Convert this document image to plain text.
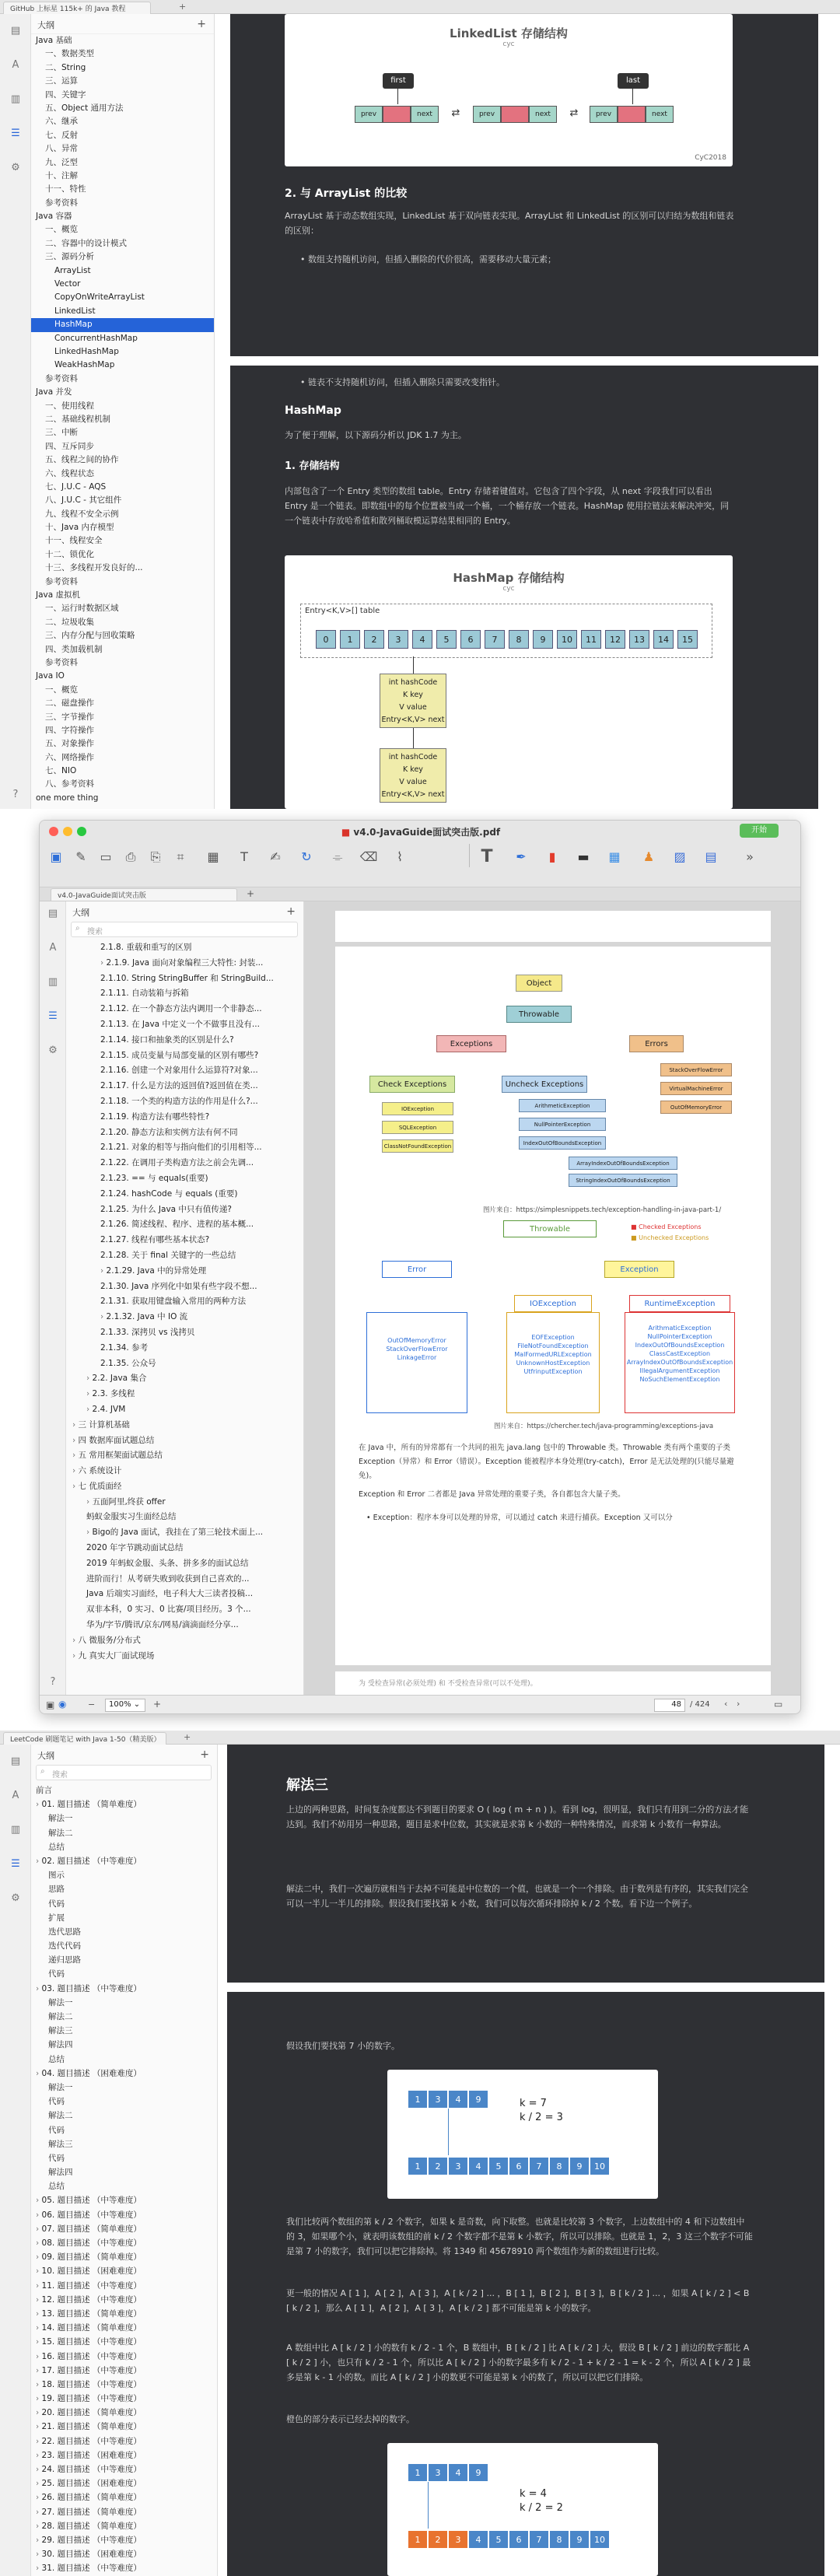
GitHub 上标星 115k+ 的 Java 教程	+
▤
A
▥
☰
⚙
?
大纲	+
Java 基础
一、数据类型
二、String
三、运算
四、关键字
五、Object 通用方法
六、继承
七、反射
八、异常
九、泛型
十、注解
十一、特性
参考资料
Java 容器
一、概览
二、容器中的设计模式
三、源码分析
ArrayList
Vector
CopyOnWriteArrayList
LinkedList
HashMap
ConcurrentHashMap
LinkedHashMap
WeakHashMap
参考资料
Java 并发
一、使用线程
二、基础线程机制
三、中断
四、互斥同步
五、线程之间的协作
六、线程状态
七、J.U.C - AQS
八、J.U.C - 其它组件
九、线程不安全示例
十、Java 内存模型
十一、线程安全
十二、锁优化
十三、多线程开发良好的...
参考资料
Java 虚拟机
一、运行时数据区域
二、垃圾收集
三、内存分配与回收策略
四、类加载机制
参考资料
Java IO
一、概览
二、磁盘操作
三、字节操作
四、字符操作
五、对象操作
六、网络操作
七、NIO
八、参考资料
one more thing
LinkedList 存储结构
cyc
first	last
prev	next	⇄	prev	next	⇄	prev	next
CyC2018
2. 与 ArrayList 的比较
ArrayList 基于动态数组实现，LinkedList 基于双向链表实现。ArrayList 和 LinkedList 的区别可以归结为数组和链表的区别：
• 数组支持随机访问，但插入删除的代价很高，需要移动大量元素；
• 链表不支持随机访问，但插入删除只需要改变指针。
HashMap
为了便于理解，以下源码分析以 JDK 1.7 为主。
1. 存储结构
内部包含了一个 Entry 类型的数组 table。Entry 存储着键值对。它包含了四个字段，从 next 字段我们可以看出 Entry 是一个链表。即数组中的每个位置被当成一个桶，一个桶存放一个链表。HashMap 使用拉链法来解决冲突，同一个链表中存放哈希值和散列桶取模运算结果相同的 Entry。
HashMap 存储结构
cyc
Entry<K,V>[] table
0	1	2	3	4	5	6	7	8	9	10	11	12	13	14	15
int hashCode
K key
V value
Entry<K,V> next
int hashCode
K key
V value
Entry<K,V> next
■ v4.0-JavaGuide面试突击版.pdf	开始
▣	✎	▭	⎙	⎘	⌗	▦	T	✍	↻	⌯	⌫	⌇	T	✒	▮	▬	▦	♟	▨	▤	»
v4.0-JavaGuide面试突击版	+
▤
A
▥
☰
⚙
?
大纲	+
搜索
⌕
2.1.8. 重载和重写的区别
› 2.1.9. Java 面向对象编程三大特性: 封装...
2.1.10. String StringBuffer 和 StringBuild...
2.1.11. 自动装箱与拆箱
2.1.12. 在一个静态方法内调用一个非静态...
2.1.13. 在 Java 中定义一个不做事且没有...
2.1.14. 接口和抽象类的区别是什么?
2.1.15. 成员变量与局部变量的区别有哪些?
2.1.16. 创建一个对象用什么运算符?对象...
2.1.17. 什么是方法的返回值?返回值在类...
2.1.18. 一个类的构造方法的作用是什么?...
2.1.19. 构造方法有哪些特性?
2.1.20. 静态方法和实例方法有何不同
2.1.21. 对象的相等与指向他们的引用相等...
2.1.22. 在调用子类构造方法之前会先调...
2.1.23. == 与 equals(重要)
2.1.24. hashCode 与 equals (重要)
2.1.25. 为什么 Java 中只有值传递?
2.1.26. 简述线程、程序、进程的基本概...
2.1.27. 线程有哪些基本状态?
2.1.28. 关于 final 关键字的一些总结
› 2.1.29. Java 中的异常处理
2.1.30. Java 序列化中如果有些字段不想...
2.1.31. 获取用键盘输入常用的两种方法
› 2.1.32. Java 中 IO 流
2.1.33. 深拷贝 vs 浅拷贝
2.1.34. 参考
2.1.35. 公众号
› 2.2. Java 集合
› 2.3. 多线程
› 2.4. JVM
› 三 计算机基础
› 四 数据库面试题总结
› 五 常用框架面试题总结
› 六 系统设计
› 七 优质面经
› 五面阿里,终获 offer
蚂蚁金服实习生面经总结
› Bigo的 Java 面试，我挂在了第三轮技术面上...
2020 年字节跳动面试总结
2019 年蚂蚁金服、头条、拼多多的面试总结
进阶而行！从考研失败到收获到自己喜欢的...
Java 后端实习面经，电子科大大三读者投稿...
双非本科，0 实习、0 比赛/项目经历。3 个...
华为/字节/腾讯/京东/网易/滴滴面经分享...
› 八 微服务/分布式
› 九 真实大厂面试现场
Object
Throwable
Exceptions	Errors
Check Exceptions	Uncheck Exceptions
IOException
SQLException
ClassNotFoundException
ArithmeticException
NullPointerException
IndexOutOfBoundsException
ArrayIndexOutOfBoundsException
StringIndexOutOfBoundsException
StackOverFlowError
VirtualMachineError
OutOfMemoryError
图片来自：https://simplesnippets.tech/exception-handling-in-java-part-1/
Throwable	■ Checked Exceptions
■ Unchecked Exceptions
Error	Exception
IOException	RuntimeException
OutOfMemoryError
StackOverFlowError
LinkageError
EOFException
FileNotFoundException
MalFormedURLException
UnknownHostException
UtfrinputException
ArithmaticException
NullPointerException
IndexOutOfBoundsException
ClassCastException
ArrayIndexOutOfBoundsException
IllegalArgumentException
NoSuchElementException
图片来自：https://chercher.tech/java-programming/exceptions-java
在 Java 中，所有的异常都有一个共同的祖先 java.lang 包中的 Throwable 类。Throwable 类有两个重要的子类 Exception（异常）和 Error（错误）。Exception 能被程序本身处理(try-catch)，Error 是无法处理的(只能尽量避免)。
Exception 和 Error 二者都是 Java 异常处理的重要子类，各自都包含大量子类。
• Exception：程序本身可以处理的异常，可以通过 catch 来进行捕获。Exception 又可以分
为 受检查异常(必须处理) 和 不受检查异常(可以不处理)。
▣ ◉	−	100% ⌄	+	48	/ 424 ‹ ›	▭
LeetCode 刷题笔记 with Java 1-50（精美版）	+
▤
A
▥
☰
⚙
大纲	+
搜索
⌕
前言
› 01. 题目描述 （简单难度）
解法一
解法二
总结
› 02. 题目描述 （中等难度）
图示
思路
代码
扩展
迭代思路
迭代代码
递归思路
代码
› 03. 题目描述 （中等难度）
解法一
解法二
解法三
解法四
总结
› 04. 题目描述 （困难难度）
解法一
代码
解法二
代码
解法三
代码
解法四
总结
› 05. 题目描述 （中等难度）
› 06. 题目描述 （中等难度）
› 07. 题目描述 （简单难度）
› 08. 题目描述 （中等难度）
› 09. 题目描述 （简单难度）
› 10. 题目描述 （困难难度）
› 11. 题目描述 （中等难度）
› 12. 题目描述 （中等难度）
› 13. 题目描述 （简单难度）
› 14. 题目描述 （简单难度）
› 15. 题目描述 （中等难度）
› 16. 题目描述 （中等难度）
› 17. 题目描述 （中等难度）
› 18. 题目描述 （中等难度）
› 19. 题目描述 （中等难度）
› 20. 题目描述 （简单难度）
› 21. 题目描述 （简单难度）
› 22. 题目描述 （中等难度）
› 23. 题目描述 （困难难度）
› 24. 题目描述 （中等难度）
› 25. 题目描述 （困难难度）
› 26. 题目描述 （简单难度）
› 27. 题目描述 （简单难度）
› 28. 题目描述 （简单难度）
› 29. 题目描述 （中等难度）
› 30. 题目描述 （困难难度）
› 31. 题目描述 （中等难度）
解法三
上边的两种思路，时间复杂度都达不到题目的要求 O ( log ( m + n ) )。看到 log，很明显，我们只有用到二分的方法才能达到。我们不妨用另一种思路，题目是求中位数，其实就是求第 k 小数的一种特殊情况，而求第 k 小数有一种算法。
解法二中，我们一次遍历就相当于去掉不可能是中位数的一个值，也就是一个一个排除。由于数列是有序的，其实我们完全可以一半儿一半儿的排除。假设我们要找第 k 小数，我们可以每次循环排除掉 k / 2 个数。看下边一个例子。
假设我们要找第 7 小的数字。
1	3	4	9
1	2	3	4	5	6	7	8	9	10
k = 7
k / 2 = 3
我们比较两个数组的第 k / 2 个数字，如果 k 是奇数，向下取整。也就是比较第 3 个数字，上边数组中的 4 和下边数组中的 3，如果哪个小，就表明该数组的前 k / 2 个数字都不是第 k 小数字，所以可以排除。也就是 1，2，3 这三个数字不可能是第 7 小的数字，我们可以把它排除掉。将 1349 和 45678910 两个数组作为新的数组进行比较。
更一般的情况 A [ 1 ]，A [ 2 ]，A [ 3 ]，A [ k / 2 ] ... ，B [ 1 ]，B [ 2 ]，B [ 3 ]，B [ k / 2 ] ... ，如果 A [ k / 2 ] < B [ k / 2 ]，那么 A [ 1 ]，A [ 2 ]，A [ 3 ]，A [ k / 2 ] 都不可能是第 k 小的数字。
A 数组中比 A [ k / 2 ] 小的数有 k / 2 - 1 个，B 数组中，B [ k / 2 ] 比 A [ k / 2 ] 大，假设 B [ k / 2 ] 前边的数字都比 A [ k / 2 ] 小，也只有 k / 2 - 1 个，所以比 A [ k / 2 ] 小的数字最多有 k / 2 - 1 + k / 2 - 1 = k - 2 个，所以 A [ k / 2 ] 最多是第 k - 1 小的数。而比 A [ k / 2 ] 小的数更不可能是第 k 小的数了，所以可以把它们排除。
橙色的部分表示已经去掉的数字。
1	3	4	9
1	2	3	4	5	6	7	8	9	10
k = 4
k / 2 = 2
